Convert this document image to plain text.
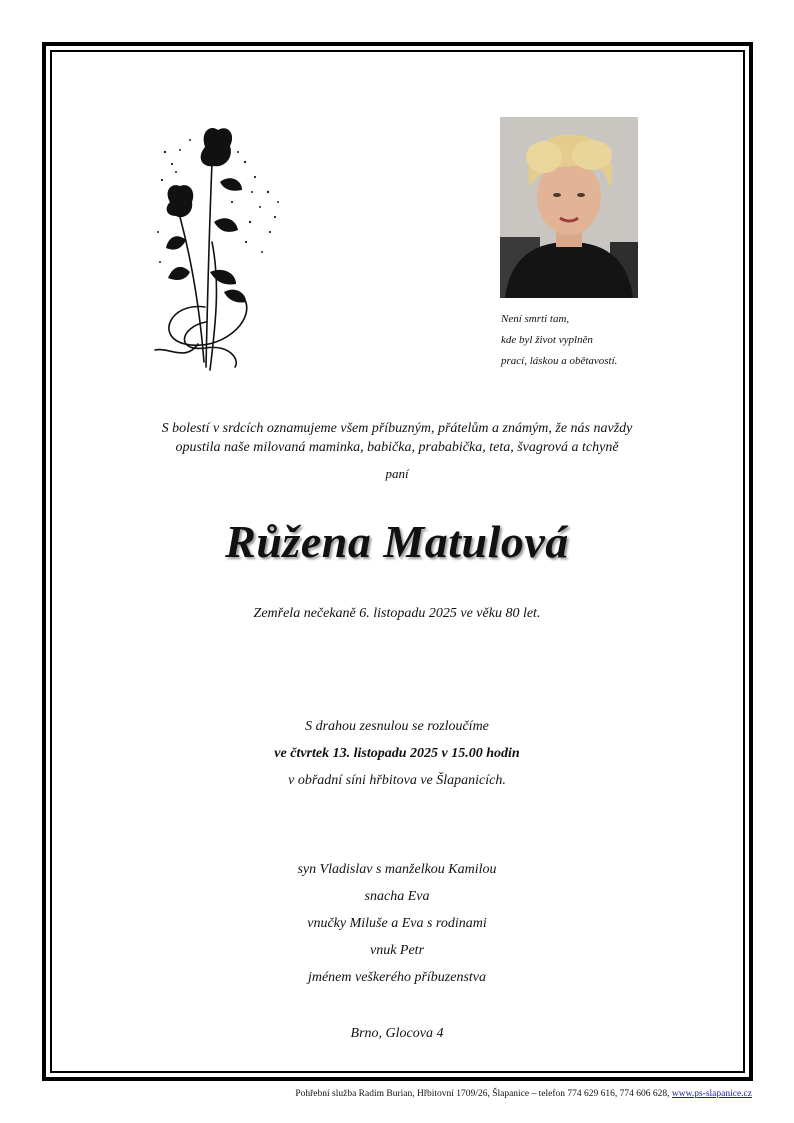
Není smrti tam,
kde byl život vyplněn
prací, láskou a obětavostí.
S bolestí v srdcích oznamujeme všem příbuzným, přátelům a známým, že nás navždy
opustila naše milovaná maminka, babička, prababička, teta, švagrová a tchyně
paní
Růžena Matulová
Zemřela nečekaně 6. listopadu 2025 ve věku 80 let.
S drahou zesnulou se rozloučíme
ve čtvrtek 13. listopadu 2025 v 15.00 hodin
v obřadní síni hřbitova ve Šlapanicích.
syn Vladislav s manželkou Kamilou
snacha Eva
vnučky Miluše a Eva s rodinami
vnuk Petr
jménem veškerého příbuzenstva
Brno, Glocova 4
Pohřební služba Radim Burian, Hřbitovní 1709/26, Šlapanice – telefon 774 629 616, 774 606 628, www.ps-slapanice.cz
